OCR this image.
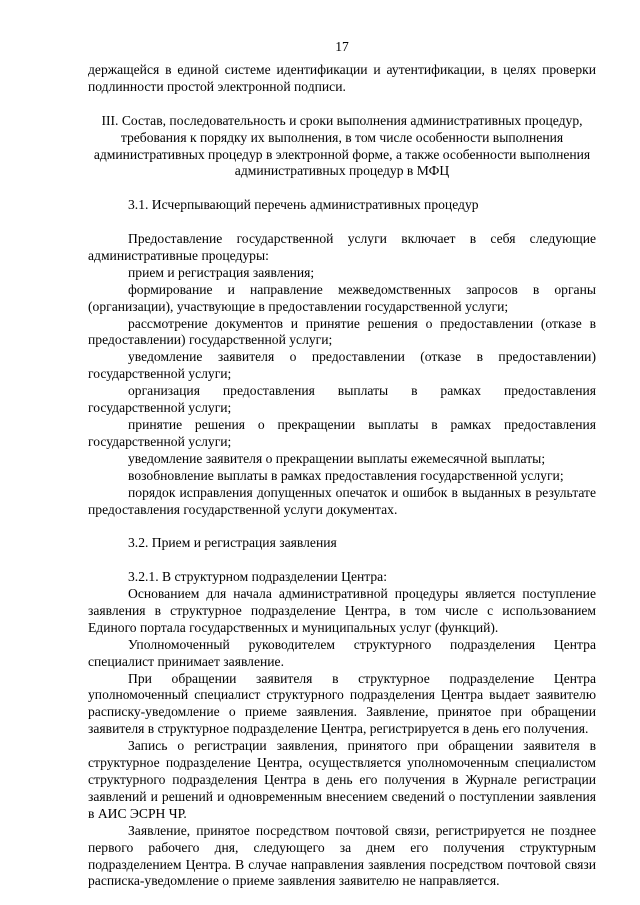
17

держащейся в единой системе идентификации и аутентификации, в целях проверки подлинности простой электронной подписи.

III. Состав, последовательность и сроки выполнения административных процедур, требования к порядку их выполнения, в том числе особенности выполнения административных процедур в электронной форме, а также особенности выполнения административных процедур в МФЦ

3.1. Исчерпывающий перечень административных процедур

Предоставление государственной услуги включает в себя следующие административные процедуры:

прием и регистрация заявления;

формирование и направление межведомственных запросов в органы (организации), участвующие в предоставлении государственной услуги;

рассмотрение документов и принятие решения о предоставлении (отказе в предоставлении) государственной услуги;

уведомление заявителя о предоставлении (отказе в предоставлении) государственной услуги;

организация предоставления выплаты в рамках предоставления государственной услуги;

принятие решения о прекращении выплаты в рамках предоставления государственной услуги;

уведомление заявителя о прекращении выплаты ежемесячной выплаты;

возобновление выплаты в рамках предоставления государственной услуги;

порядок исправления допущенных опечаток и ошибок в выданных в результате предоставления государственной услуги документах.

3.2. Прием и регистрация заявления

3.2.1. В структурном подразделении Центра:

Основанием для начала административной процедуры является поступление заявления в структурное подразделение Центра, в том числе с использованием Единого портала государственных и муниципальных услуг (функций).

Уполномоченный руководителем структурного подразделения Центра специалист принимает заявление.

При обращении заявителя в структурное подразделение Центра уполномоченный специалист структурного подразделения Центра выдает заявителю расписку-уведомление о приеме заявления. Заявление, принятое при обращении заявителя в структурное подразделение Центра, регистрируется в день его получения.

Запись о регистрации заявления, принятого при обращении заявителя в структурное подразделение Центра, осуществляется уполномоченным специалистом структурного подразделения Центра в день его получения в Журнале регистрации заявлений и решений и одновременным внесением сведений о поступлении заявления в АИС ЭСРН ЧР.

Заявление, принятое посредством почтовой связи, регистрируется не позднее первого рабочего дня, следующего за днем его получения структурным подразделением Центра. В случае направления заявления посредством почтовой связи расписка-уведомление о приеме заявления заявителю не направляется.
